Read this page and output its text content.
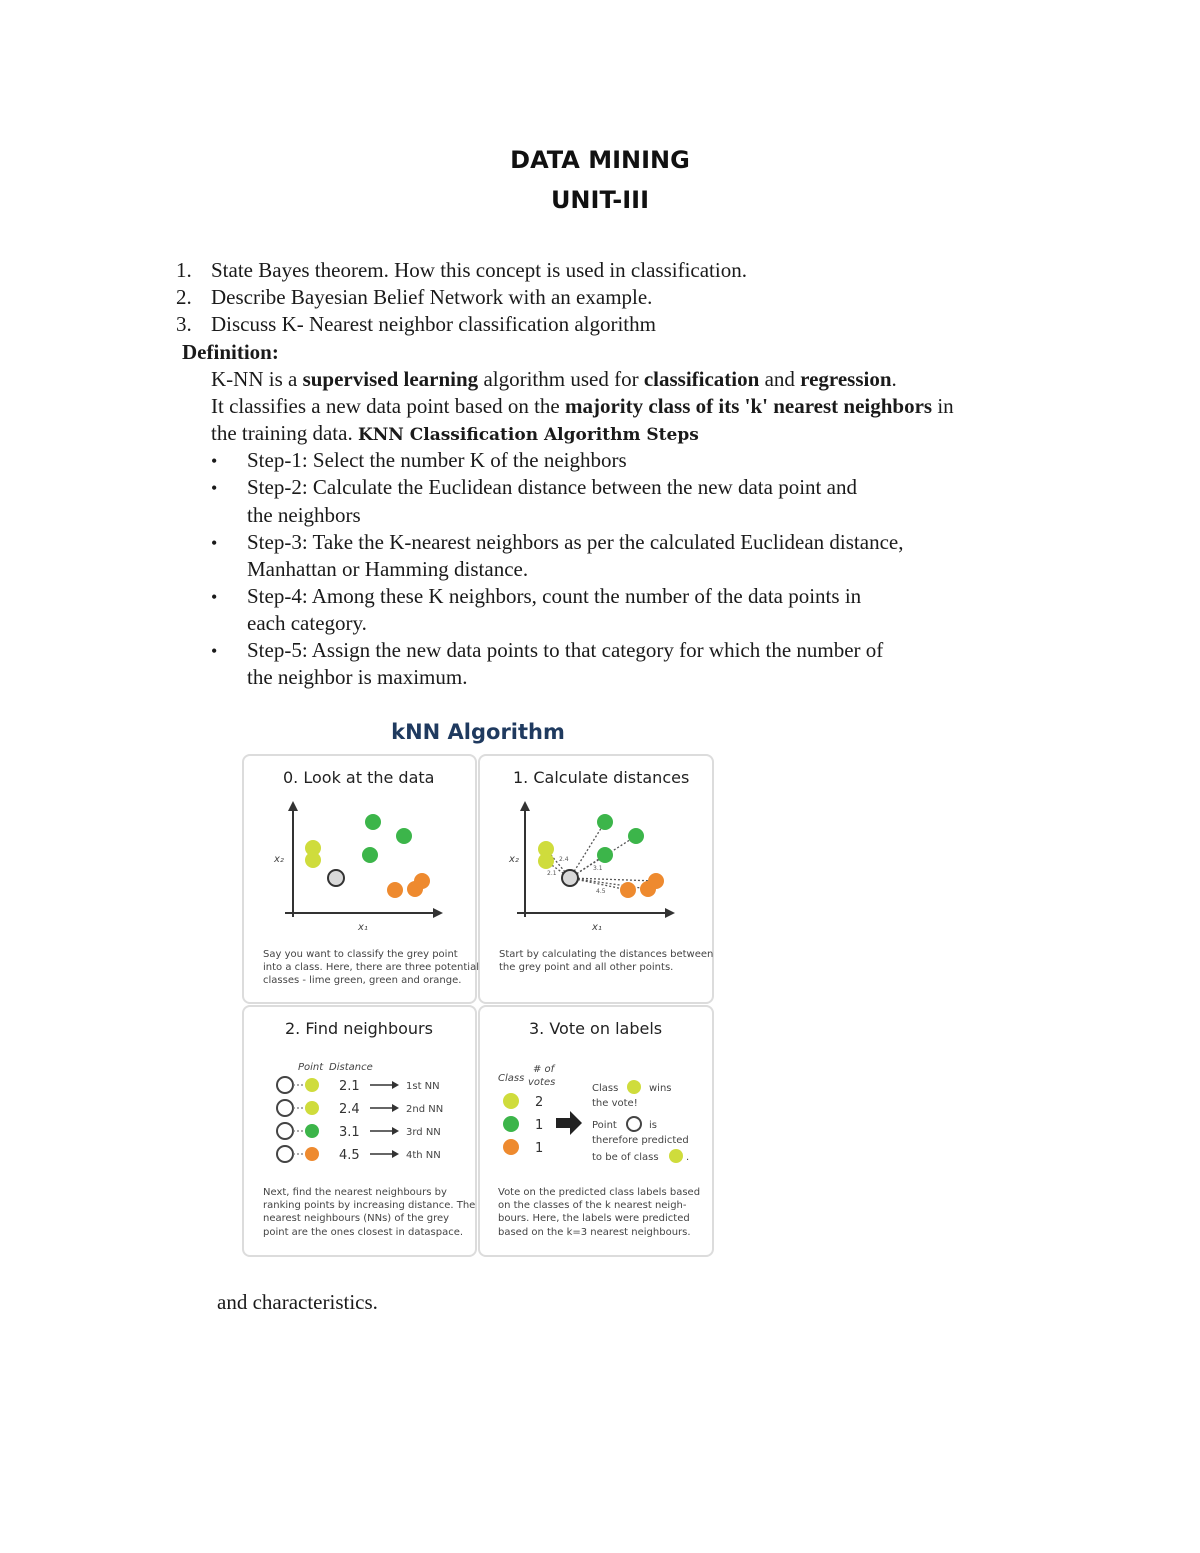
DATA MINING
UNIT-III
1. State Bayes theorem. How this concept is used in classification.
2. Describe Bayesian Belief Network with an example.
3. Discuss K- Nearest neighbor classification algorithm
Definition:
K-NN is a supervised learning algorithm used for classification and regression.
It classifies a new data point based on the majority class of its 'k' nearest neighbors in
the training data. KNN Classification Algorithm Steps
• Step-1: Select the number K of the neighbors
• Step-2: Calculate the Euclidean distance between the new data point and
the neighbors
• Step-3: Take the K-nearest neighbors as per the calculated Euclidean distance,
Manhattan or Hamming distance.
• Step-4: Among these K neighbors, count the number of the data points in
each category.
• Step-5: Assign the new data points to that category for which the number of
the neighbor is maximum.
kNN Algorithm
0. Look at the data
x₂
x₁
Say you want to classify the grey point
into a class. Here, there are three potential
classes - lime green, green and orange.
1. Calculate distances
x₂
x₁
2.4
2.1
3.1
4.5
Start by calculating the distances between
the grey point and all other points.
2. Find neighbours
Point Distance
2.1	1st NN
2.4	2nd NN
3.1	3rd NN
4.5	4th NN
Next, find the nearest neighbours by
ranking points by increasing distance. The
nearest neighbours (NNs) of the grey
point are the ones closest in dataspace.
3. Vote on labels
Class
# of
votes
2
1
1
Class	wins
the vote!
Point	is
therefore predicted
to be of class	.
Vote on the predicted class labels based
on the classes of the k nearest neigh-
bours. Here, the labels were predicted
based on the k=3 nearest neighbours.
and characteristics.
